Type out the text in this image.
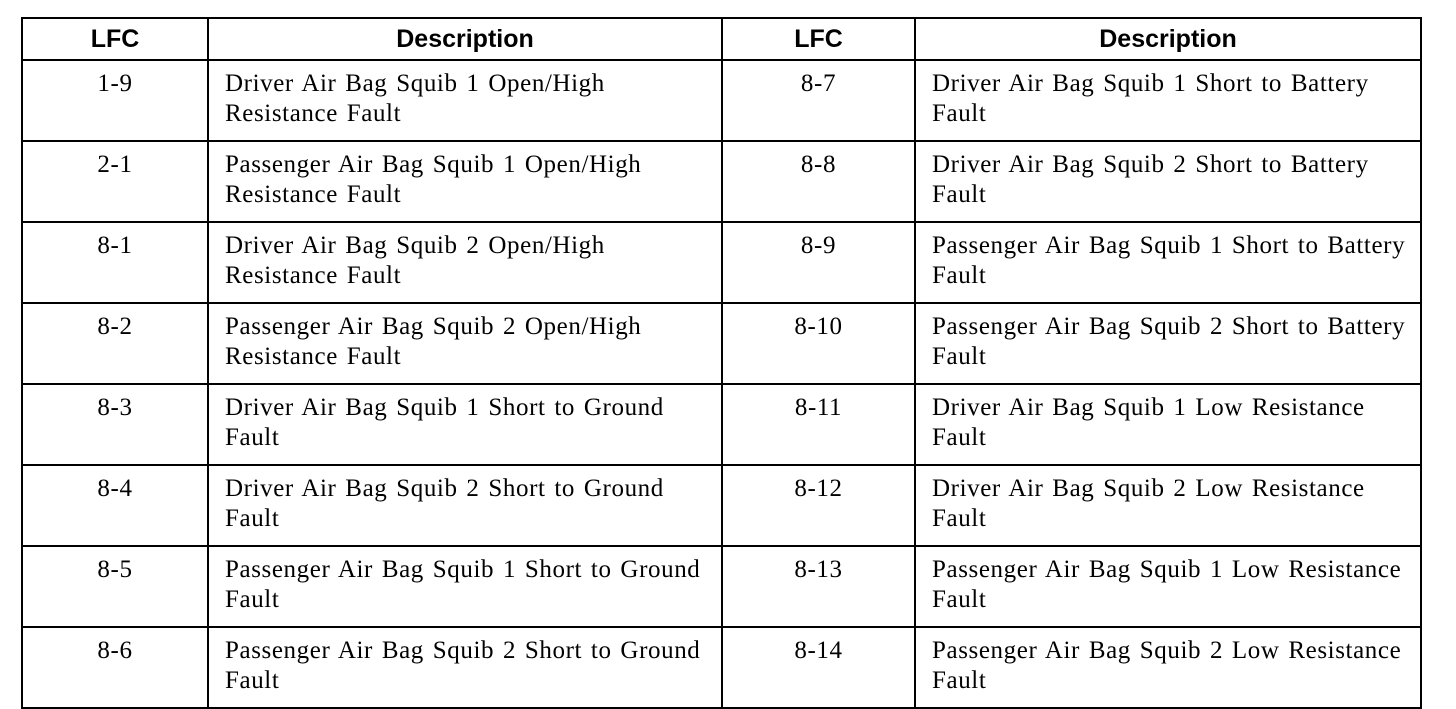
LFC	Description	LFC	Description
1-9	Driver Air Bag Squib 1 Open/High Resistance Fault	8-7	Driver Air Bag Squib 1 Short to Battery Fault
2-1	Passenger Air Bag Squib 1 Open/High Resistance Fault	8-8	Driver Air Bag Squib 2 Short to Battery Fault
8-1	Driver Air Bag Squib 2 Open/High Resistance Fault	8-9	Passenger Air Bag Squib 1 Short to Battery Fault
8-2	Passenger Air Bag Squib 2 Open/High Resistance Fault	8-10	Passenger Air Bag Squib 2 Short to Battery Fault
8-3	Driver Air Bag Squib 1 Short to Ground Fault	8-11	Driver Air Bag Squib 1 Low Resistance Fault
8-4	Driver Air Bag Squib 2 Short to Ground Fault	8-12	Driver Air Bag Squib 2 Low Resistance Fault
8-5	Passenger Air Bag Squib 1 Short to Ground Fault	8-13	Passenger Air Bag Squib 1 Low Resistance Fault
8-6	Passenger Air Bag Squib 2 Short to Ground Fault	8-14	Passenger Air Bag Squib 2 Low Resistance Fault
